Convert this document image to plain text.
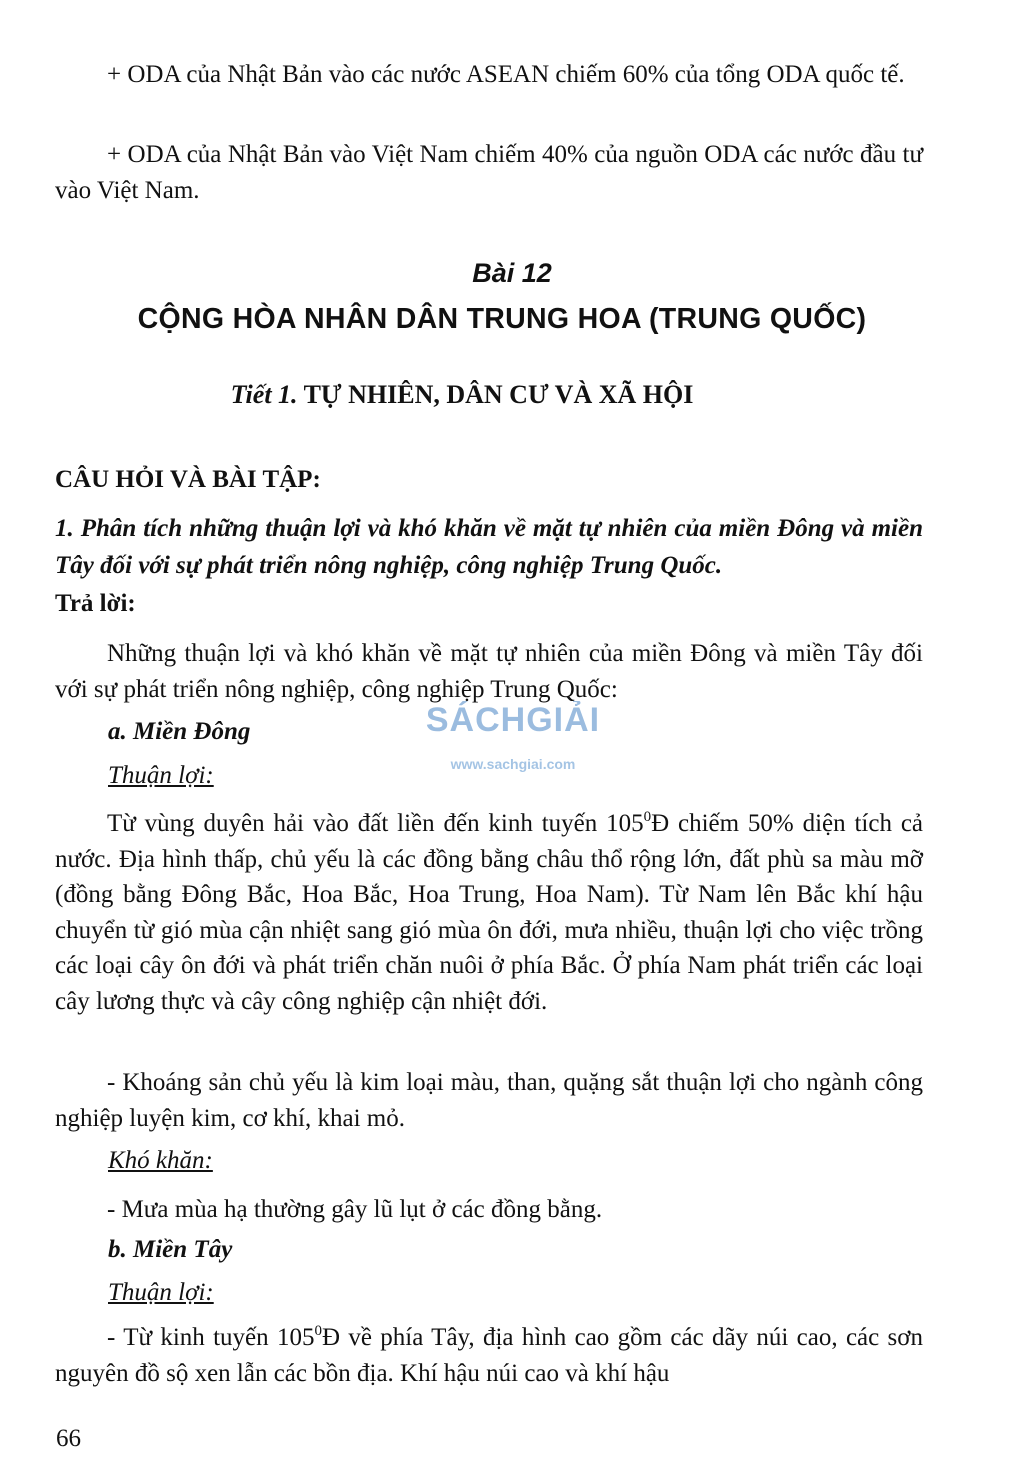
+ ODA của Nhật Bản vào các nước ASEAN chiếm 60% của tổng ODA quốc tế.

+ ODA của Nhật Bản vào Việt Nam chiếm 40% của nguồn ODA các nước đầu tư vào Việt Nam.

Bài 12
CỘNG HÒA NHÂN DÂN TRUNG HOA (TRUNG QUỐC)
Tiết 1. TỰ NHIÊN, DÂN CƯ VÀ XÃ HỘI
CÂU HỎI VÀ BÀI TẬP:
1. Phân tích những thuận lợi và khó khăn về mặt tự nhiên của miền Đông và miền Tây đối với sự phát triển nông nghiệp, công nghiệp Trung Quốc.
Trả lời:

Những thuận lợi và khó khăn về mặt tự nhiên của miền Đông và miền Tây đối với sự phát triển nông nghiệp, công nghiệp Trung Quốc:

a. Miền Đông
Thuận lợi:

Từ vùng duyên hải vào đất liền đến kinh tuyến $105^0Đ$ chiếm 50% diện tích cả nước. Địa hình thấp, chủ yếu là các đồng bằng châu thổ rộng lớn, đất phù sa màu mỡ (đồng bằng Đông Bắc, Hoa Bắc, Hoa Trung, Hoa Nam). Từ Nam lên Bắc khí hậu chuyển từ gió mùa cận nhiệt sang gió mùa ôn đới, mưa nhiều, thuận lợi cho việc trồng các loại cây ôn đới và phát triển chăn nuôi ở phía Bắc. Ở phía Nam phát triển các loại cây lương thực và cây công nghiệp cận nhiệt đới.

- Khoáng sản chủ yếu là kim loại màu, than, quặng sắt thuận lợi cho ngành công nghiệp luyện kim, cơ khí, khai mỏ.

Khó khăn:

- Mưa mùa hạ thường gây lũ lụt ở các đồng bằng.

b. Miền Tây
Thuận lợi:

- Từ kinh tuyến $105^0Đ$ về phía Tây, địa hình cao gồm các dãy núi cao, các sơn nguyên đồ sộ xen lẫn các bồn địa. Khí hậu núi cao và khí hậu

SÁCHGIẢI
www.sachgiai.com
66
